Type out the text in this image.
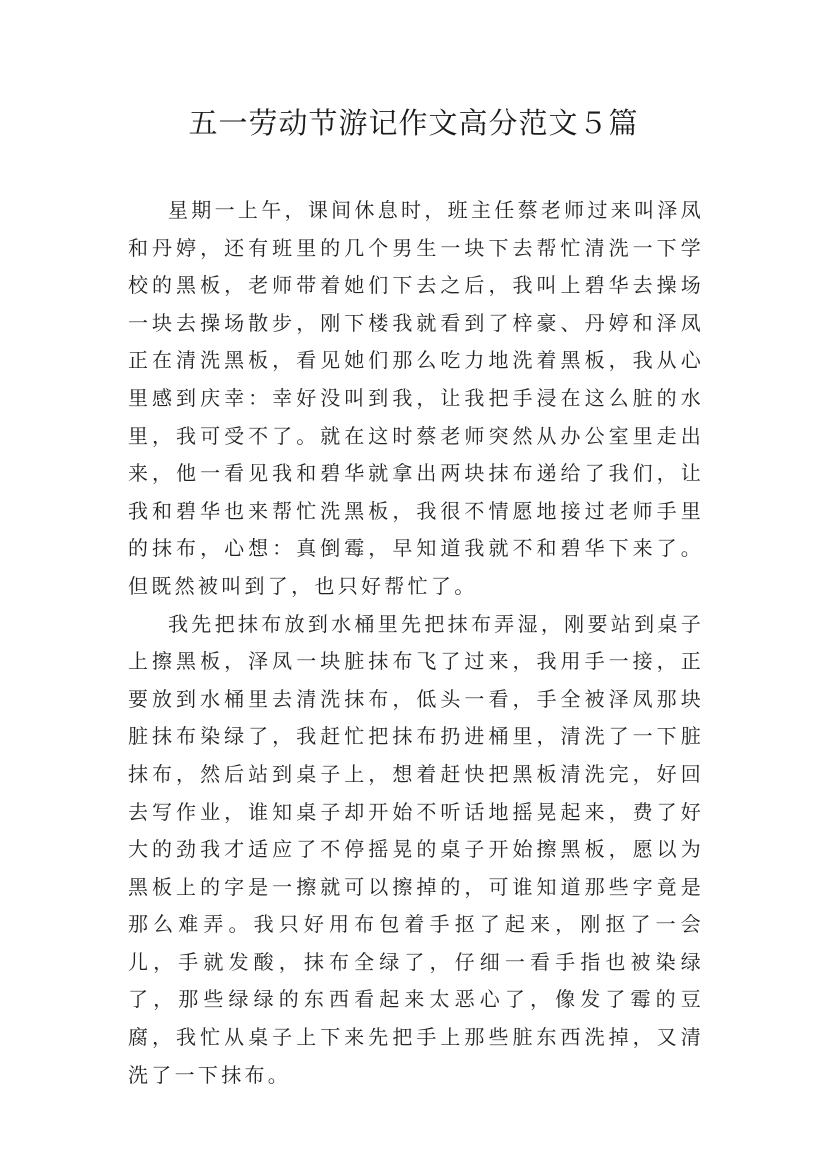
五一劳动节游记作文高分范文５篇

星期一上午，课间休息时，班主任蔡老师过来叫泽凤和丹婷，还有班里的几个男生一块下去帮忙清洗一下学校的黑板，老师带着她们下去之后，我叫上碧华去操场一块去操场散步，刚下楼我就看到了梓豪、丹婷和泽凤正在清洗黑板，看见她们那么吃力地洗着黑板，我从心里感到庆幸：幸好没叫到我，让我把手浸在这么脏的水里，我可受不了。就在这时蔡老师突然从办公室里走出来，他一看见我和碧华就拿出两块抹布递给了我们，让我和碧华也来帮忙洗黑板，我很不情愿地接过老师手里的抹布，心想：真倒霉，早知道我就不和碧华下来了。但既然被叫到了，也只好帮忙了。

我先把抹布放到水桶里先把抹布弄湿，刚要站到桌子上擦黑板，泽凤一块脏抹布飞了过来，我用手一接，正要放到水桶里去清洗抹布，低头一看，手全被泽凤那块脏抹布染绿了，我赶忙把抹布扔进桶里，清洗了一下脏抹布，然后站到桌子上，想着赶快把黑板清洗完，好回去写作业，谁知桌子却开始不听话地摇晃起来，费了好大的劲我才适应了不停摇晃的桌子开始擦黑板，愿以为黑板上的字是一擦就可以擦掉的，可谁知道那些字竟是那么难弄。我只好用布包着手抠了起来，刚抠了一会儿，手就发酸，抹布全绿了，仔细一看手指也被染绿了，那些绿绿的东西看起来太恶心了，像发了霉的豆腐，我忙从桌子上下来先把手上那些脏东西洗掉，又清洗了一下抹布。
